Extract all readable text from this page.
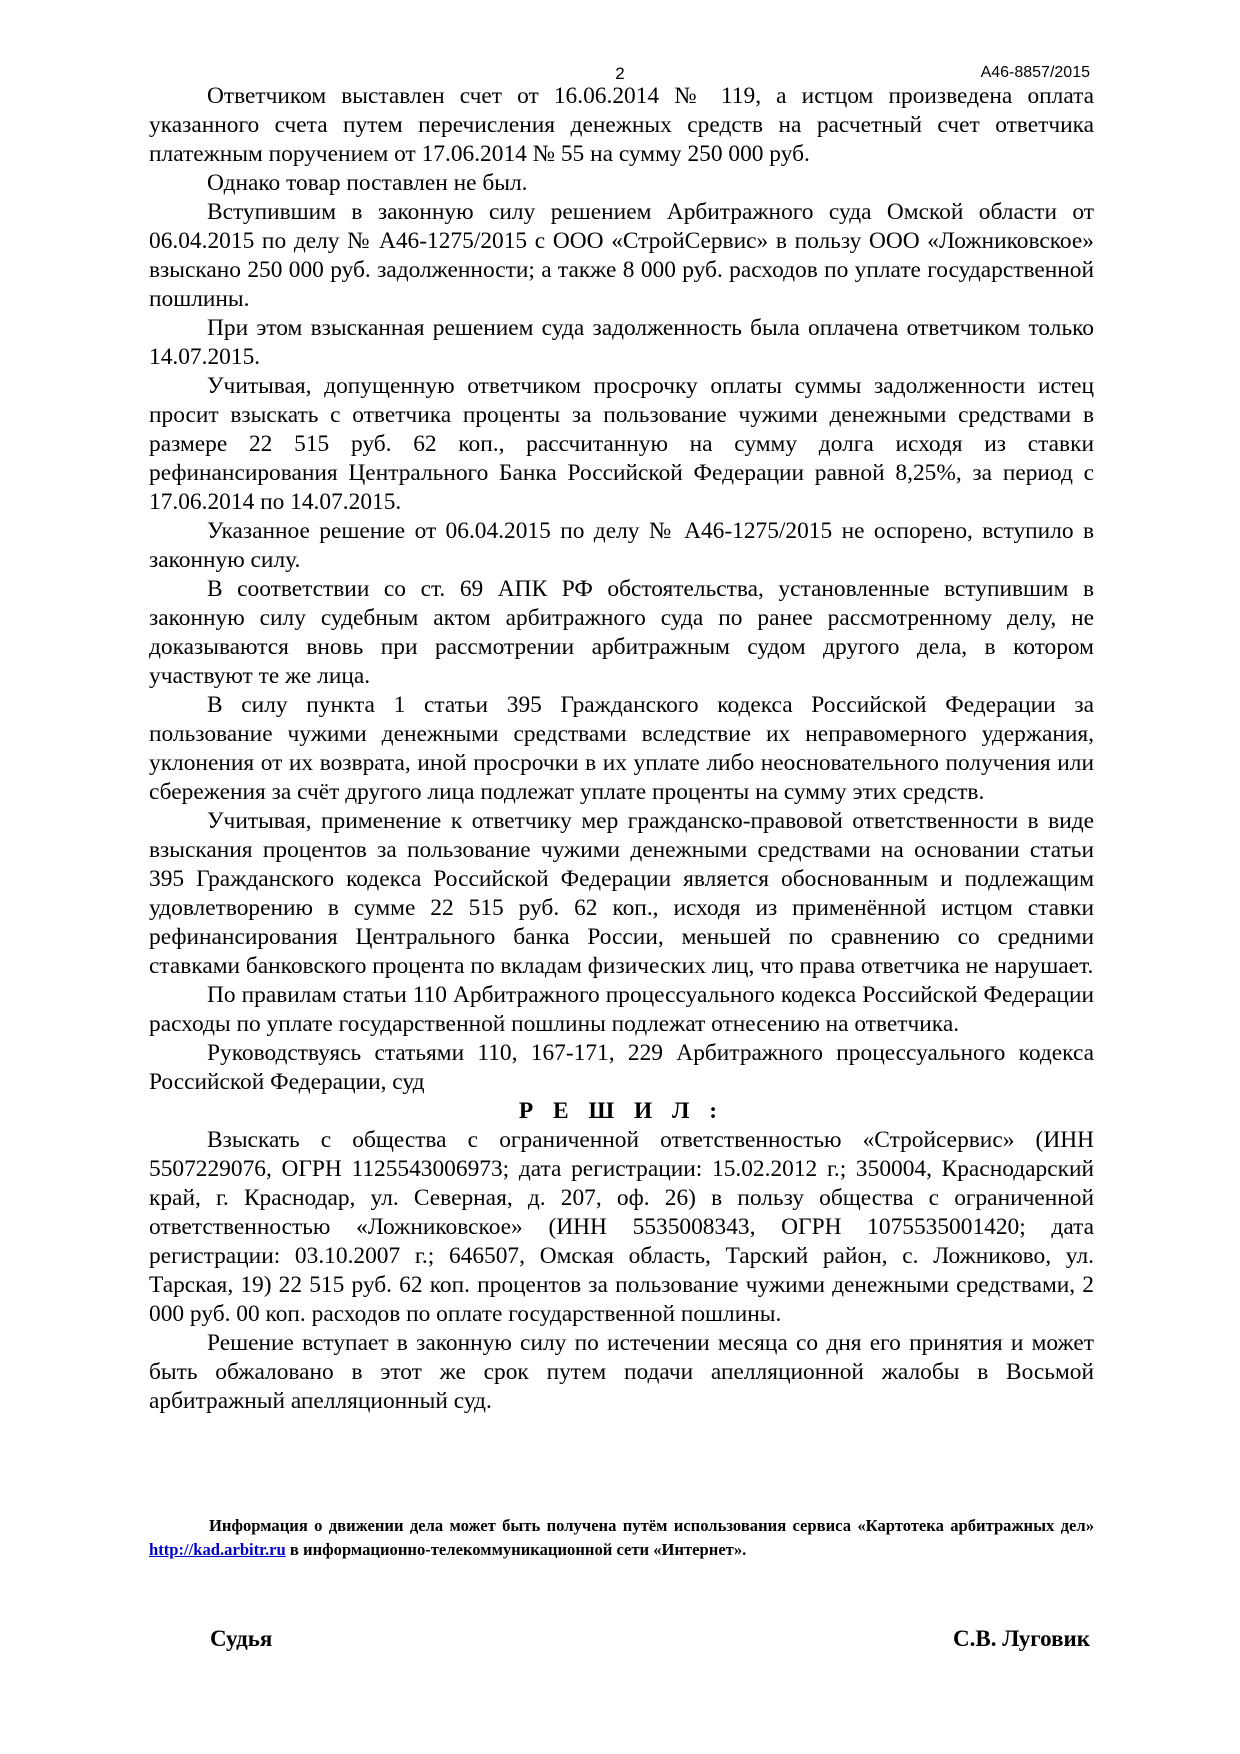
2	А46-8857/2015

Ответчиком выставлен счет от 16.06.2014 № 119, а истцом произведена оплата указанного счета путем перечисления денежных средств на расчетный счет ответчика платежным поручением от 17.06.2014 № 55 на сумму 250 000 руб.

Однако товар поставлен не был.

Вступившим в законную силу решением Арбитражного суда Омской области от 06.04.2015 по делу № А46-1275/2015 с ООО «СтройСервис» в пользу ООО «Ложниковское» взыскано 250 000 руб. задолженности; а также 8 000 руб. расходов по уплате государственной пошлины.

При этом взысканная решением суда задолженность была оплачена ответчиком только 14.07.2015.

Учитывая, допущенную ответчиком просрочку оплаты суммы задолженности истец просит взыскать с ответчика проценты за пользование чужими денежными средствами в размере 22 515 руб. 62 коп., рассчитанную на сумму долга исходя из ставки рефинансирования Центрального Банка Российской Федерации равной 8,25%, за период с 17.06.2014 по 14.07.2015.

Указанное решение от 06.04.2015 по делу № А46-1275/2015 не оспорено, вступило в законную силу.

В соответствии со ст. 69 АПК РФ обстоятельства, установленные вступившим в законную силу судебным актом арбитражного суда по ранее рассмотренному делу, не доказываются вновь при рассмотрении арбитражным судом другого дела, в котором участвуют те же лица.

В силу пункта 1 статьи 395 Гражданского кодекса Российской Федерации за пользование чужими денежными средствами вследствие их неправомерного удержания, уклонения от их возврата, иной просрочки в их уплате либо неосновательного получения или сбережения за счёт другого лица подлежат уплате проценты на сумму этих средств.

Учитывая, применение к ответчику мер гражданско-правовой ответственности в виде взыскания процентов за пользование чужими денежными средствами на основании статьи 395 Гражданского кодекса Российской Федерации является обоснованным и подлежащим удовлетворению в сумме 22 515 руб. 62 коп., исходя из применённой истцом ставки рефинансирования Центрального банка России, меньшей по сравнению со средними ставками банковского процента по вкладам физических лиц, что права ответчика не нарушает.

По правилам статьи 110 Арбитражного процессуального кодекса Российской Федерации расходы по уплате государственной пошлины подлежат отнесению на ответчика.

Руководствуясь статьями 110, 167-171, 229 Арбитражного процессуального кодекса Российской Федерации, суд

Р Е Ш И Л :

Взыскать с общества с ограниченной ответственностью «Стройсервис» (ИНН 5507229076, ОГРН 1125543006973; дата регистрации: 15.02.2012 г.; 350004, Краснодарский край, г. Краснодар, ул. Северная, д. 207, оф. 26) в пользу общества с ограниченной ответственностью «Ложниковское» (ИНН 5535008343, ОГРН 1075535001420; дата регистрации: 03.10.2007 г.; 646507, Омская область, Тарский район, с. Ложниково, ул. Тарская, 19) 22 515 руб. 62 коп. процентов за пользование чужими денежными средствами, 2 000 руб. 00 коп. расходов по оплате государственной пошлины.

Решение вступает в законную силу по истечении месяца со дня его принятия и может быть обжаловано в этот же срок путем подачи апелляционной жалобы в Восьмой арбитражный апелляционный суд.

Информация о движении дела может быть получена путём использования сервиса «Картотека арбитражных дел» http://kad.arbitr.ru в информационно-телекоммуникационной сети «Интернет».
Судья	С.В. Луговик
